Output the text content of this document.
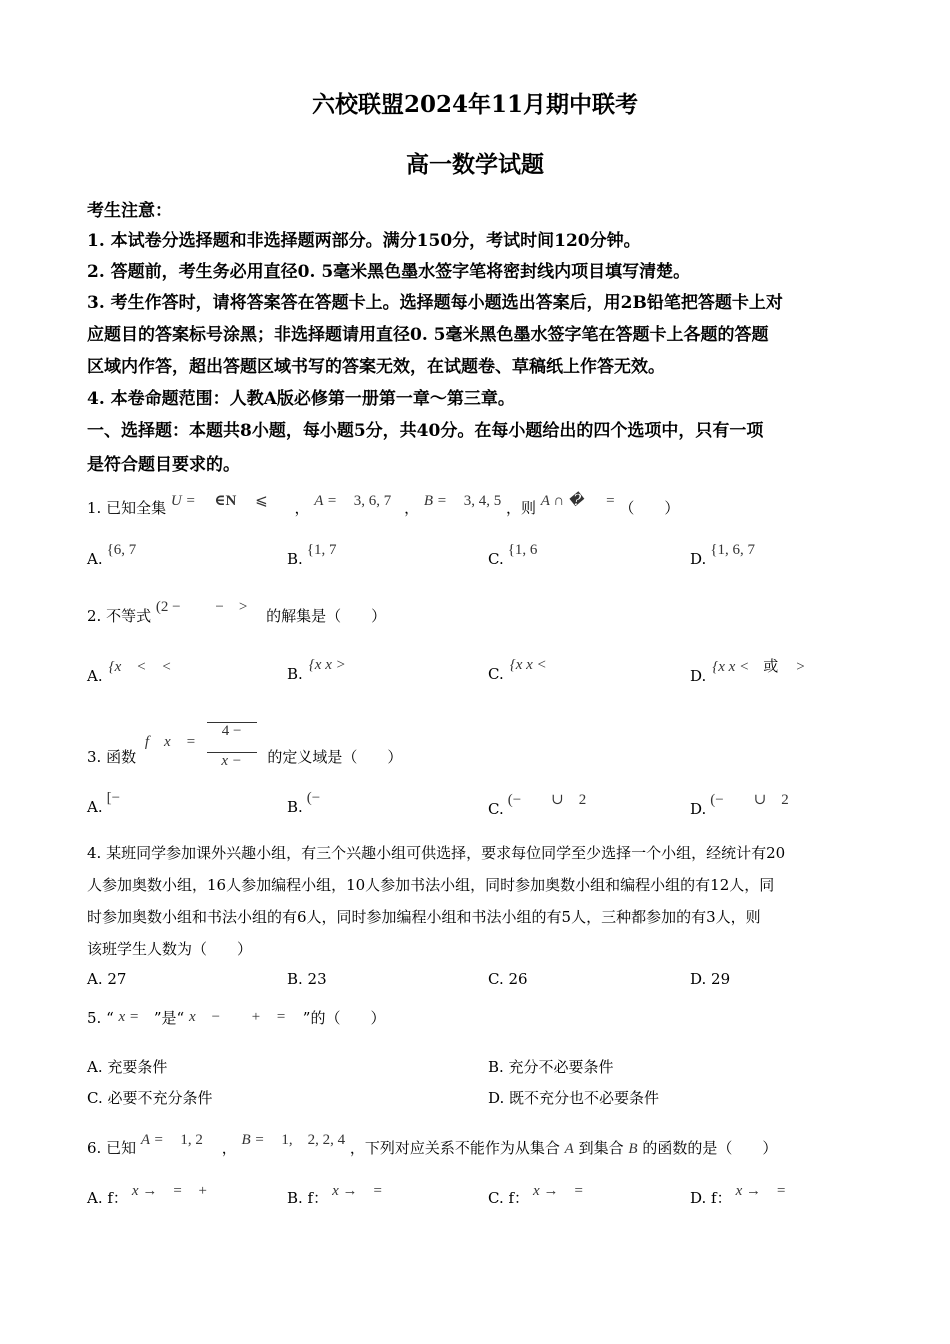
六校联盟2024年11月期中联考
高一数学试题
考生注意：
1. 本试卷分选择题和非选择题两部分。满分150分，考试时间120分钟。
2. 答题前，考生务必用直径0. 5毫米黑色墨水签字笔将密封线内项目填写清楚。
3. 考生作答时，请将答案答在答题卡上。选择题每小题选出答案后，用2B铅笔把答题卡上对
应题目的答案标号涂黑；非选择题请用直径0. 5毫米黑色墨水签字笔在答题卡上各题的答题
区域内作答，超出答题区域书写的答案无效，在试题卷、草稿纸上作答无效。
4. 本卷命题范围：人教A版必修第一册第一章～第三章。
一、选择题：本题共8小题，每小题5分，共40分。在每小题给出的四个选项中，只有一项
是符合题目要求的。
1. 已知全集 U = ∈N ⩽ ， A = 3, 6, 7 ， B = 3, 4, 5 ，则 A ∩ � = （　　）
A. {6, 7	B. {1, 7	C. {1, 6	D. {1, 6, 7
2. 不等式 (2 − −　> 的解集是（　　）
A. {x　<　<	B. {x x >	C. {x x <
D. {x x < 或 >
3. 函数 f　x　= $\frac{4 -}{x -}$ 的定义域是（　　）
A. [−	B. (−
C. (−　　∪　2	D. (−　　∪　2
4. 某班同学参加课外兴趣小组，有三个兴趣小组可供选择，要求每位同学至少选择一个小组，经统计有20
人参加奥数小组，16人参加编程小组，10人参加书法小组，同时参加奥数小组和编程小组的有12人，同
时参加奥数小组和书法小组的有6人，同时参加编程小组和书法小组的有5人，三种都参加的有3人，则
该班学生人数为（　　）
A. 27	B. 23	C. 26	D. 29
5. “ x = ”是“ x　−　　+　= ”的（　　）
A. 充要条件	B. 充分不必要条件
C. 必要不充分条件	D. 既不充分也不必要条件
6. 已知 A = 1, 2 ， B = 1,　2, 2, 4 ，下列对应关系不能作为从集合 A 到集合 B 的函数的是（　　）
A. f： x →　=　+	B. f： x →　=	C. f： x →　=	D. f： x →　=
